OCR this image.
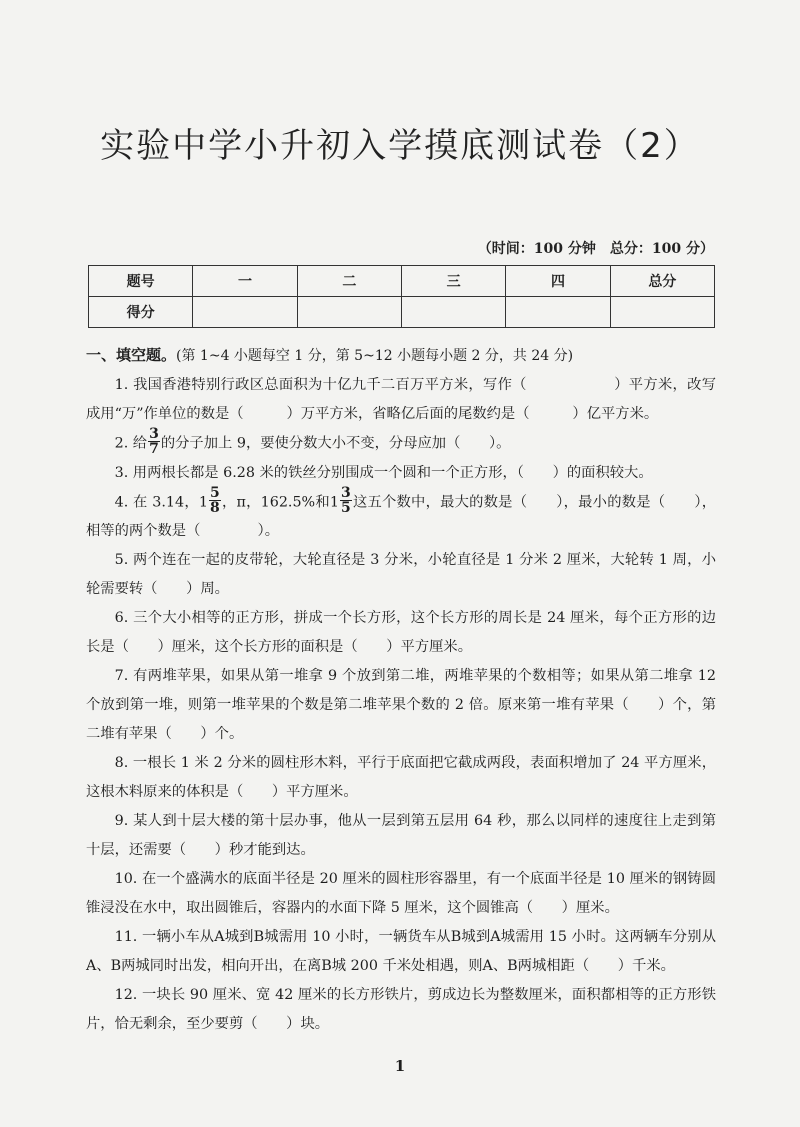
实验中学小升初入学摸底测试卷（2）
（时间：100 分钟　总分：100 分）
题号	一	二	三	四	总分
得分					
一、填空题。(第 1~4 小题每空 1 分，第 5~12 小题每小题 2 分，共 24 分)

1. 我国香港特别行政区总面积为十亿九千二百万平方米，写作（　　　　　　）平方米，改写成用“万”作单位的数是（　　　）万平方米，省略亿后面的尾数约是（　　　）亿平方米。

2. 给 $\frac{3}{7}$ 的分子加上 9，要使分数大小不变，分母应加（　　）。

3. 用两根长都是 6.28 米的铁丝分别围成一个圆和一个正方形，（　　）的面积较大。

4. 在 3.14，$1 \frac{5}{8}$ ，π，162.5%和$1 \frac{3}{5}$ 这五个数中，最大的数是（　　），最小的数是（　　），相等的两个数是（　　　　）。

5. 两个连在一起的皮带轮，大轮直径是 3 分米，小轮直径是 1 分米 2 厘米，大轮转 1 周，小轮需要转（　　）周。

6. 三个大小相等的正方形，拼成一个长方形，这个长方形的周长是 24 厘米，每个正方形的边长是（　　）厘米，这个长方形的面积是（　　）平方厘米。

7. 有两堆苹果，如果从第一堆拿 9 个放到第二堆，两堆苹果的个数相等；如果从第二堆拿 12 个放到第一堆，则第一堆苹果的个数是第二堆苹果个数的 2 倍。原来第一堆有苹果（　　）个，第二堆有苹果（　　）个。

8. 一根长 1 米 2 分米的圆柱形木料，平行于底面把它截成两段，表面积增加了 24 平方厘米，这根木料原来的体积是（　　）平方厘米。

9. 某人到十层大楼的第十层办事，他从一层到第五层用 64 秒，那么以同样的速度往上走到第十层，还需要（　　）秒才能到达。

10. 在一个盛满水的底面半径是 20 厘米的圆柱形容器里，有一个底面半径是 10 厘米的钢铸圆锥浸没在水中，取出圆锥后，容器内的水面下降 5 厘米，这个圆锥高（　　）厘米。

11. 一辆小车从A城到B城需用 10 小时，一辆货车从B城到A城需用 15 小时。这两辆车分别从A、B两城同时出发，相向开出，在离B城 200 千米处相遇，则A、B两城相距（　　）千米。

12. 一块长 90 厘米、宽 42 厘米的长方形铁片，剪成边长为整数厘米，面积都相等的正方形铁片，恰无剩余，至少要剪（　　）块。

1
